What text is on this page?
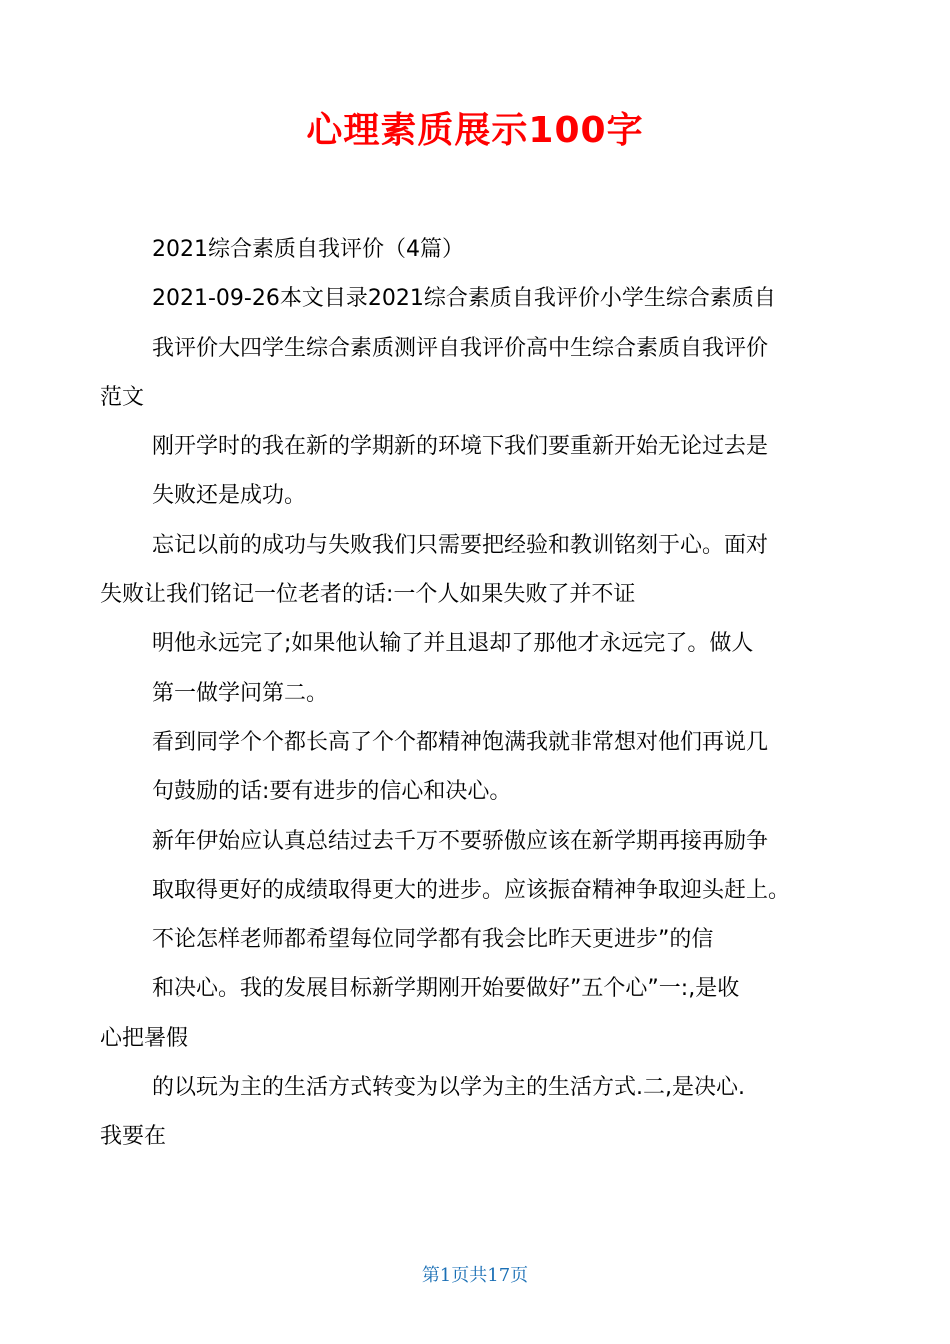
心理素质展示100字
2021综合素质自我评价（4篇）
2021-09-26本文目录2021综合素质自我评价小学生综合素质自
我评价大四学生综合素质测评自我评价高中生综合素质自我评价
范文
刚开学时的我在新的学期新的环境下我们要重新开始无论过去是
失败还是成功。
忘记以前的成功与失败我们只需要把经验和教训铭刻于心。面对
失败让我们铭记一位老者的话:一个人如果失败了并不证
明他永远完了;如果他认输了并且退却了那他才永远完了。做人
第一做学问第二。
看到同学个个都长高了个个都精神饱满我就非常想对他们再说几
句鼓励的话:要有进步的信心和决心。
新年伊始应认真总结过去千万不要骄傲应该在新学期再接再励争
取取得更好的成绩取得更大的进步。应该振奋精神争取迎头赶上。
不论怎样老师都希望每位同学都有我会比昨天更进步”的信
和决心。我的发展目标新学期刚开始要做好”五个心”一:,是收
心把暑假
的以玩为主的生活方式转变为以学为主的生活方式.二,是决心.
我要在
第1页共17页
